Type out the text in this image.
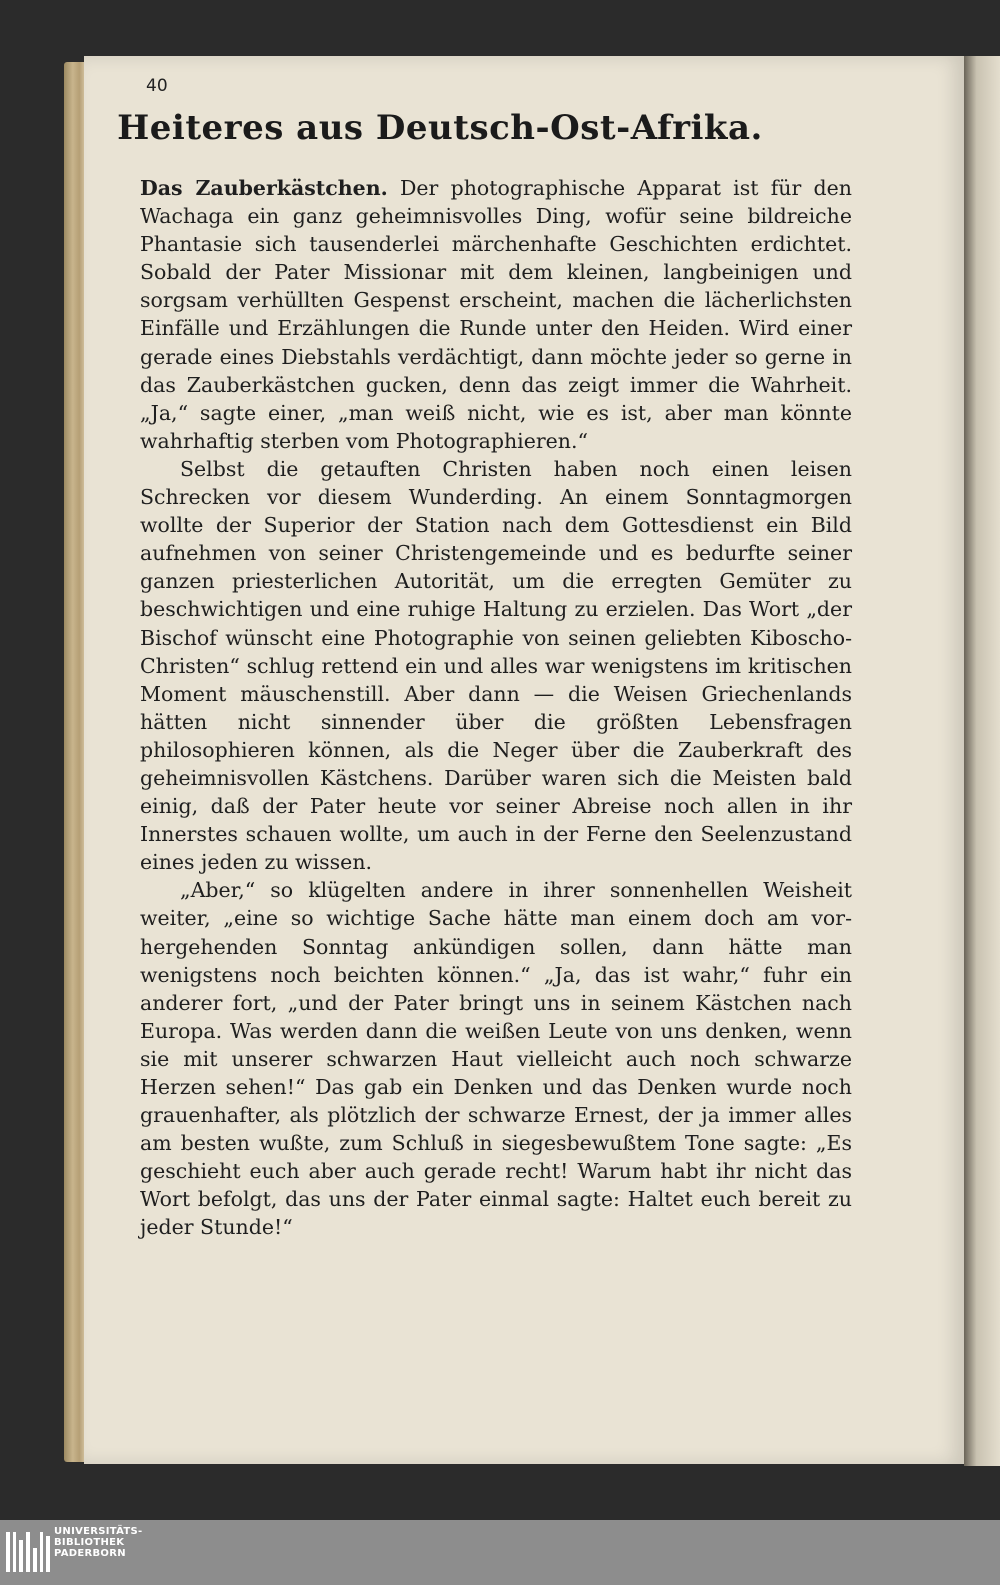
40
Heiteres aus Deutsch-Ost-Afrika.

Das Zauberkästchen. Der photographische Apparat ist für den Wachaga ein ganz geheimnisvolles Ding, wofür seine bildreiche Phantasie sich tausenderlei märchenhafte Geschichten erdichtet. Sobald der Pater Missionar mit dem kleinen, langbeinigen und sorgsam verhüllten Gespenst erscheint, machen die lächerlichsten Einfälle und Erzählungen die Runde unter den Heiden. Wird einer gerade eines Diebstahls verdächtigt, dann möchte jeder so gerne in das Zauberkästchen gucken, denn das zeigt immer die Wahrheit. „Ja,“ sagte einer, „man weiß nicht, wie es ist, aber man könnte wahrhaftig sterben vom Photographieren.“

Selbst die getauften Christen haben noch einen leisen Schrecken vor diesem Wunderding. An einem Sonntagmorgen wollte der Superior der Station nach dem Gottesdienst ein Bild aufnehmen von seiner Christengemeinde und es bedurfte seiner ganzen priesterlichen Autorität, um die erregten Gemüter zu beschwichtigen und eine ruhige Haltung zu erzielen. Das Wort „der Bischof wünscht eine Photographie von seinen geliebten Kiboscho-Christen“ schlug rettend ein und alles war wenigstens im kritischen Moment mäuschenstill. Aber dann — die Weisen Griechenlands hätten nicht sinnender über die größten Lebensfragen philosophieren können, als die Neger über die Zauberkraft des geheimnisvollen Kästchens. Darüber waren sich die Meisten bald einig, daß der Pater heute vor seiner Abreise noch allen in ihr Innerstes schauen wollte, um auch in der Ferne den Seelenzustand eines jeden zu wissen.

„Aber,“ so klügelten andere in ihrer sonnenhellen Weisheit weiter, „eine so wichtige Sache hätte man einem doch am vorhergehenden Sonntag ankündigen sollen, dann hätte man wenigstens noch beichten können.“ „Ja, das ist wahr,“ fuhr ein anderer fort, „und der Pater bringt uns in seinem Kästchen nach Europa. Was werden dann die weißen Leute von uns denken, wenn sie mit unserer schwarzen Haut vielleicht auch noch schwarze Herzen sehen!“ Das gab ein Denken und das Denken wurde noch grauenhafter, als plötzlich der schwarze Ernest, der ja immer alles am besten wußte, zum Schluß in siegesbewußtem Tone sagte: „Es geschieht euch aber auch gerade recht! Warum habt ihr nicht das Wort befolgt, das uns der Pater einmal sagte: Haltet euch bereit zu jeder Stunde!“

UNIVERSITÄTS-
BIBLIOTHEK
PADERBORN
